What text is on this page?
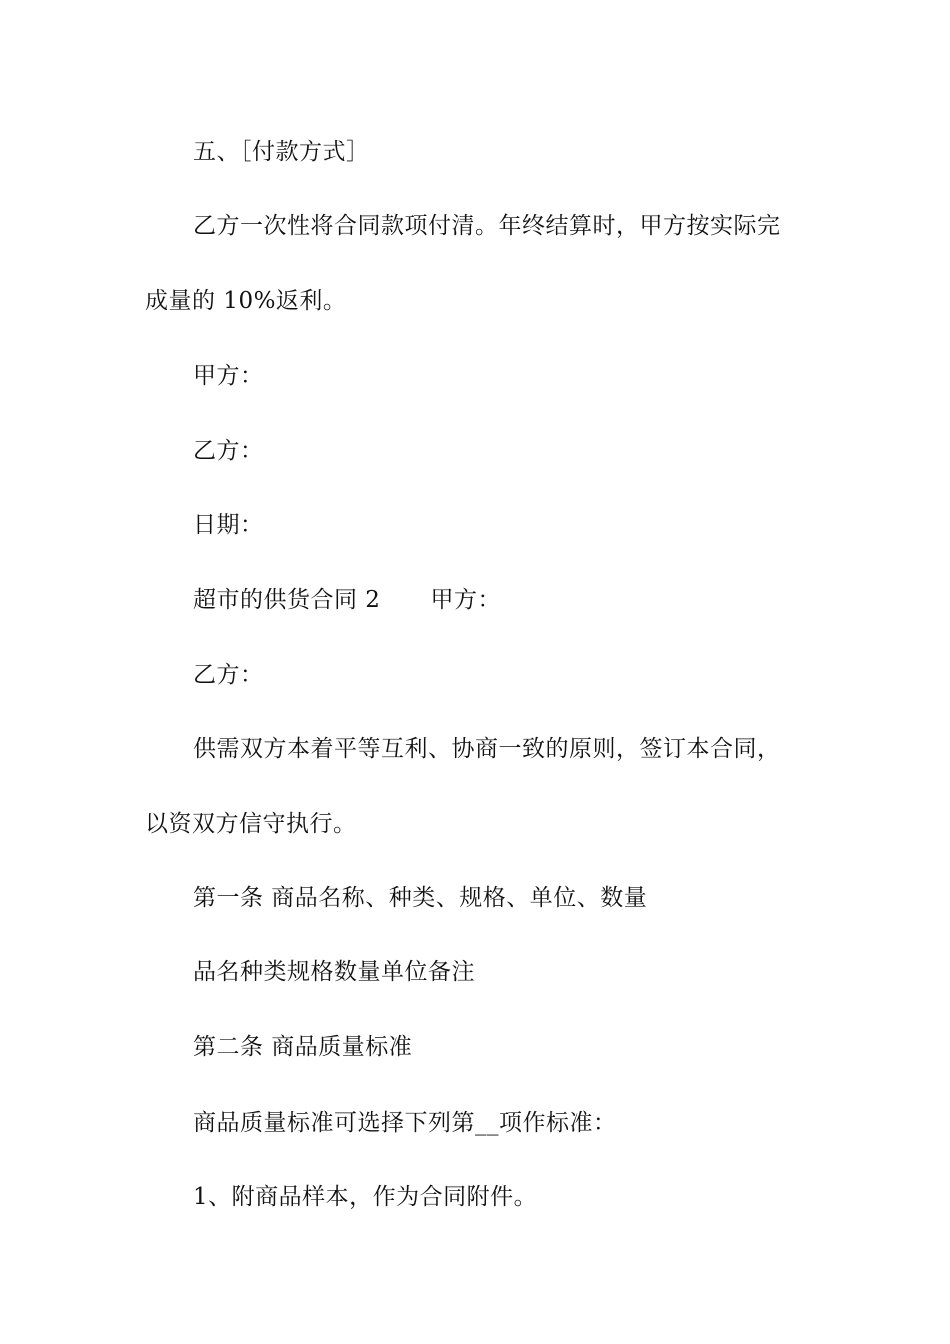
五、［付款方式］
乙方一次性将合同款项付清。年终结算时，甲方按实际完
成量的 10%返利。
甲方：
乙方：
日期：
超市的供货合同 2 甲方：
乙方：
供需双方本着平等互利、协商一致的原则，签订本合同，
以资双方信守执行。
第一条 商品名称、种类、规格、单位、数量
品名种类规格数量单位备注
第二条 商品质量标准
商品质量标准可选择下列第__项作标准：
1、附商品样本，作为合同附件。
